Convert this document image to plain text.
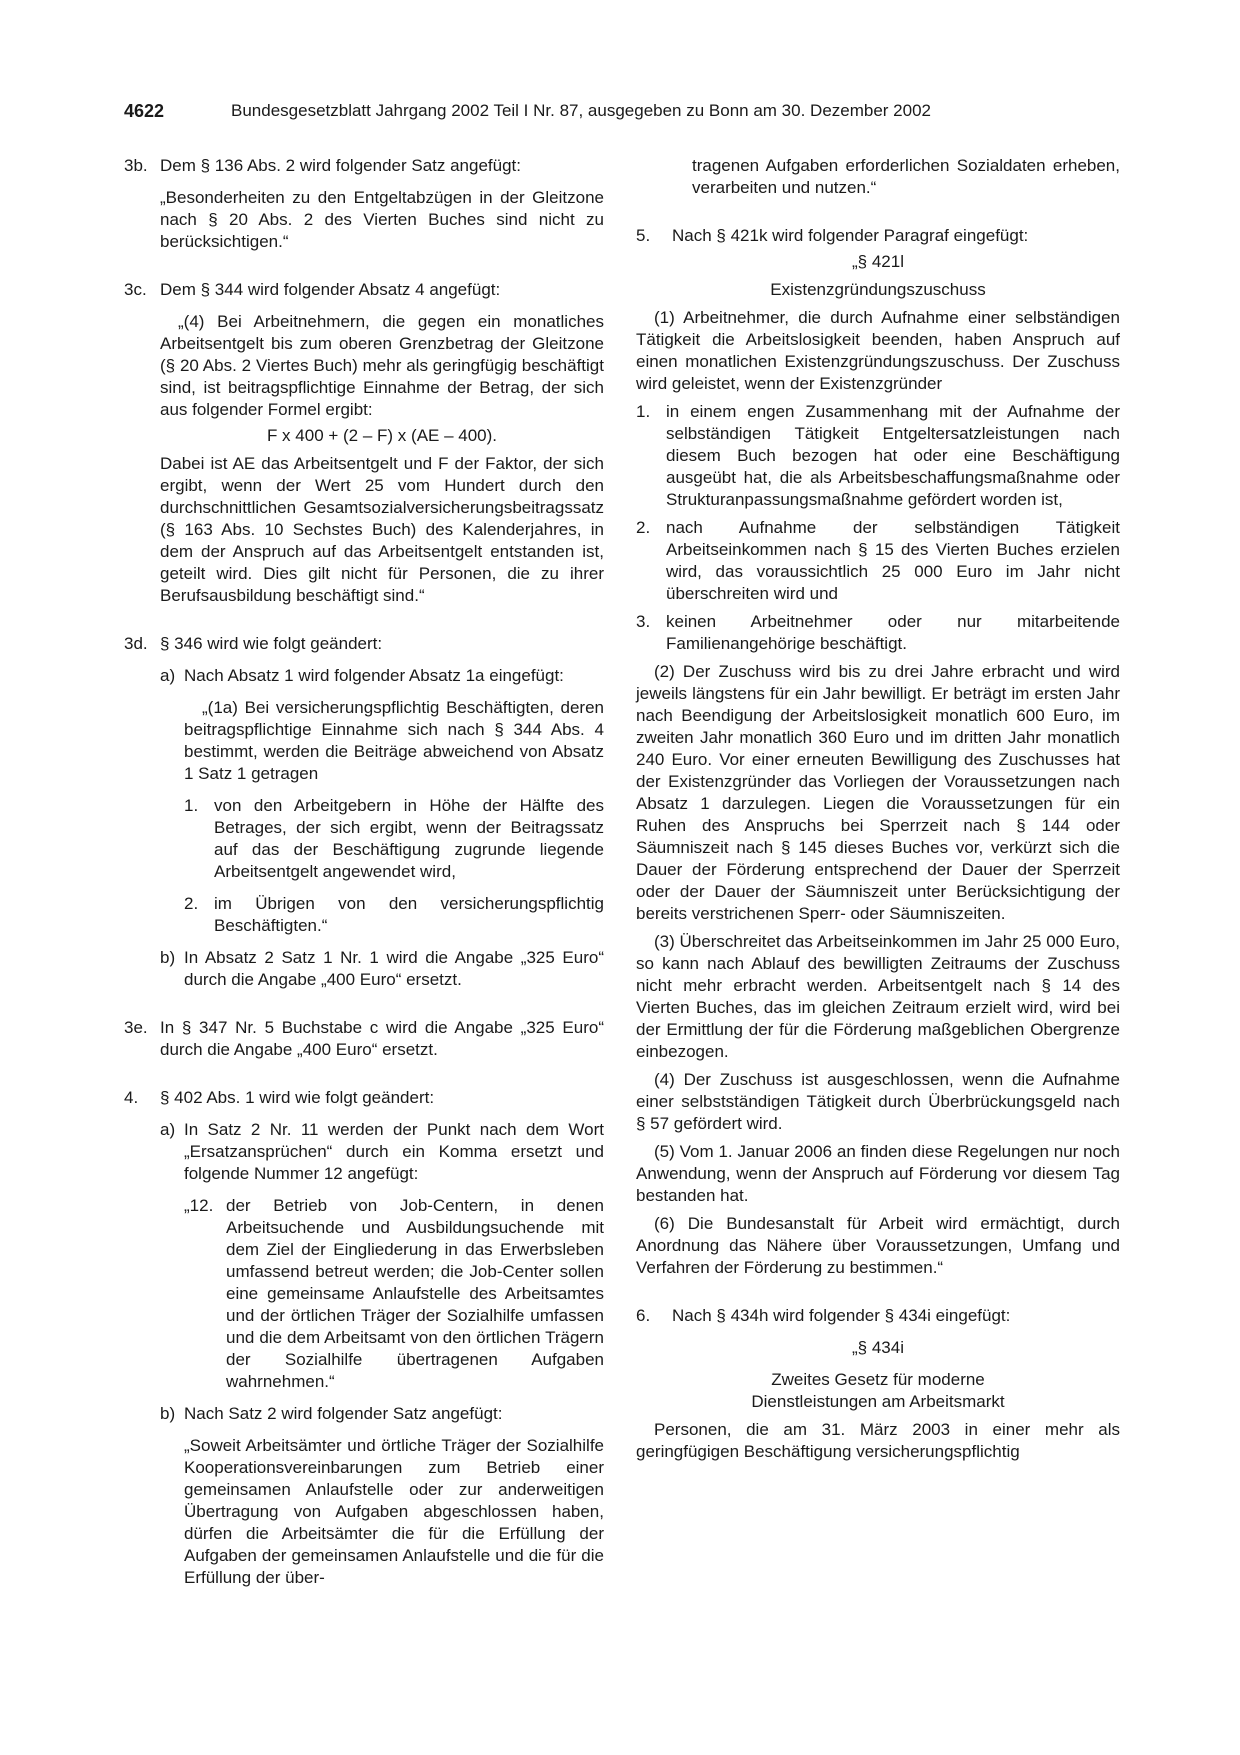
4622	Bundesgesetzblatt Jahrgang 2002 Teil I Nr. 87, ausgegeben zu Bonn am 30. Dezember 2002
3b. Dem § 136 Abs. 2 wird folgender Satz angefügt:

„Besonderheiten zu den Entgeltabzügen in der Gleitzone nach § 20 Abs. 2 des Vierten Buches sind nicht zu berücksichtigen.“

3c. Dem § 344 wird folgender Absatz 4 angefügt:

„(4) Bei Arbeitnehmern, die gegen ein monatliches Arbeitsentgelt bis zum oberen Grenzbetrag der Gleitzone (§ 20 Abs. 2 Viertes Buch) mehr als geringfügig beschäftigt sind, ist beitragspflichtige Einnahme der Betrag, der sich aus folgender Formel ergibt:

F x 400 + (2 – F) x (AE – 400).

Dabei ist AE das Arbeitsentgelt und F der Faktor, der sich ergibt, wenn der Wert 25 vom Hundert durch den durchschnittlichen Gesamtsozialversicherungsbeitragssatz (§ 163 Abs. 10 Sechstes Buch) des Kalenderjahres, in dem der Anspruch auf das Arbeitsentgelt entstanden ist, geteilt wird. Dies gilt nicht für Personen, die zu ihrer Berufsausbildung beschäftigt sind.“

3d. § 346 wird wie folgt geändert:

a) Nach Absatz 1 wird folgender Absatz 1a eingefügt:

„(1a) Bei versicherungspflichtig Beschäftigten, deren beitragspflichtige Einnahme sich nach § 344 Abs. 4 bestimmt, werden die Beiträge abweichend von Absatz 1 Satz 1 getragen

1. von den Arbeitgebern in Höhe der Hälfte des Betrages, der sich ergibt, wenn der Beitragssatz auf das der Beschäftigung zugrunde liegende Arbeitsentgelt angewendet wird,

2. im Übrigen von den versicherungspflichtig Beschäftigten.“

b) In Absatz 2 Satz 1 Nr. 1 wird die Angabe „325 Euro“ durch die Angabe „400 Euro“ ersetzt.

3e. In § 347 Nr. 5 Buchstabe c wird die Angabe „325 Euro“ durch die Angabe „400 Euro“ ersetzt.

4. § 402 Abs. 1 wird wie folgt geändert:

a) In Satz 2 Nr. 11 werden der Punkt nach dem Wort „Ersatzansprüchen“ durch ein Komma ersetzt und folgende Nummer 12 angefügt:

„12. der Betrieb von Job-Centern, in denen Arbeitsuchende und Ausbildungsuchende mit dem Ziel der Eingliederung in das Erwerbsleben umfassend betreut werden; die Job-Center sollen eine gemeinsame Anlaufstelle des Arbeitsamtes und der örtlichen Träger der Sozialhilfe umfassen und die dem Arbeitsamt von den örtlichen Trägern der Sozialhilfe übertragenen Aufgaben wahrnehmen.“

b) Nach Satz 2 wird folgender Satz angefügt:

„Soweit Arbeitsämter und örtliche Träger der Sozialhilfe Kooperationsvereinbarungen zum Betrieb einer gemeinsamen Anlaufstelle oder zur anderweitigen Übertragung von Aufgaben abgeschlossen haben, dürfen die Arbeitsämter die für die Erfüllung der Aufgaben der gemeinsamen Anlaufstelle und die für die Erfüllung der über-

tragenen Aufgaben erforderlichen Sozialdaten erheben, verarbeiten und nutzen.“

5. Nach § 421k wird folgender Paragraf eingefügt:

„§ 421l

Existenzgründungszuschuss

(1) Arbeitnehmer, die durch Aufnahme einer selbständigen Tätigkeit die Arbeitslosigkeit beenden, haben Anspruch auf einen monatlichen Existenzgründungszuschuss. Der Zuschuss wird geleistet, wenn der Existenzgründer

1. in einem engen Zusammenhang mit der Aufnahme der selbständigen Tätigkeit Entgeltersatzleistungen nach diesem Buch bezogen hat oder eine Beschäftigung ausgeübt hat, die als Arbeitsbeschaffungsmaßnahme oder Strukturanpassungsmaßnahme gefördert worden ist,

2. nach Aufnahme der selbständigen Tätigkeit Arbeitseinkommen nach § 15 des Vierten Buches erzielen wird, das voraussichtlich 25 000 Euro im Jahr nicht überschreiten wird und

3. keinen Arbeitnehmer oder nur mitarbeitende Familienangehörige beschäftigt.

(2) Der Zuschuss wird bis zu drei Jahre erbracht und wird jeweils längstens für ein Jahr bewilligt. Er beträgt im ersten Jahr nach Beendigung der Arbeitslosigkeit monatlich 600 Euro, im zweiten Jahr monatlich 360 Euro und im dritten Jahr monatlich 240 Euro. Vor einer erneuten Bewilligung des Zuschusses hat der Existenzgründer das Vorliegen der Voraussetzungen nach Absatz 1 darzulegen. Liegen die Voraussetzungen für ein Ruhen des Anspruchs bei Sperrzeit nach § 144 oder Säumniszeit nach § 145 dieses Buches vor, verkürzt sich die Dauer der Förderung entsprechend der Dauer der Sperrzeit oder der Dauer der Säumniszeit unter Berücksichtigung der bereits verstrichenen Sperr- oder Säumniszeiten.

(3) Überschreitet das Arbeitseinkommen im Jahr 25 000 Euro, so kann nach Ablauf des bewilligten Zeitraums der Zuschuss nicht mehr erbracht werden. Arbeitsentgelt nach § 14 des Vierten Buches, das im gleichen Zeitraum erzielt wird, wird bei der Ermittlung der für die Förderung maßgeblichen Obergrenze einbezogen.

(4) Der Zuschuss ist ausgeschlossen, wenn die Aufnahme einer selbstständigen Tätigkeit durch Überbrückungsgeld nach § 57 gefördert wird.

(5) Vom 1. Januar 2006 an finden diese Regelungen nur noch Anwendung, wenn der Anspruch auf Förderung vor diesem Tag bestanden hat.

(6) Die Bundesanstalt für Arbeit wird ermächtigt, durch Anordnung das Nähere über Voraussetzungen, Umfang und Verfahren der Förderung zu bestimmen.“

6. Nach § 434h wird folgender § 434i eingefügt:

„§ 434i

Zweites Gesetz für moderne

Dienstleistungen am Arbeitsmarkt

Personen, die am 31. März 2003 in einer mehr als geringfügigen Beschäftigung versicherungspflichtig
